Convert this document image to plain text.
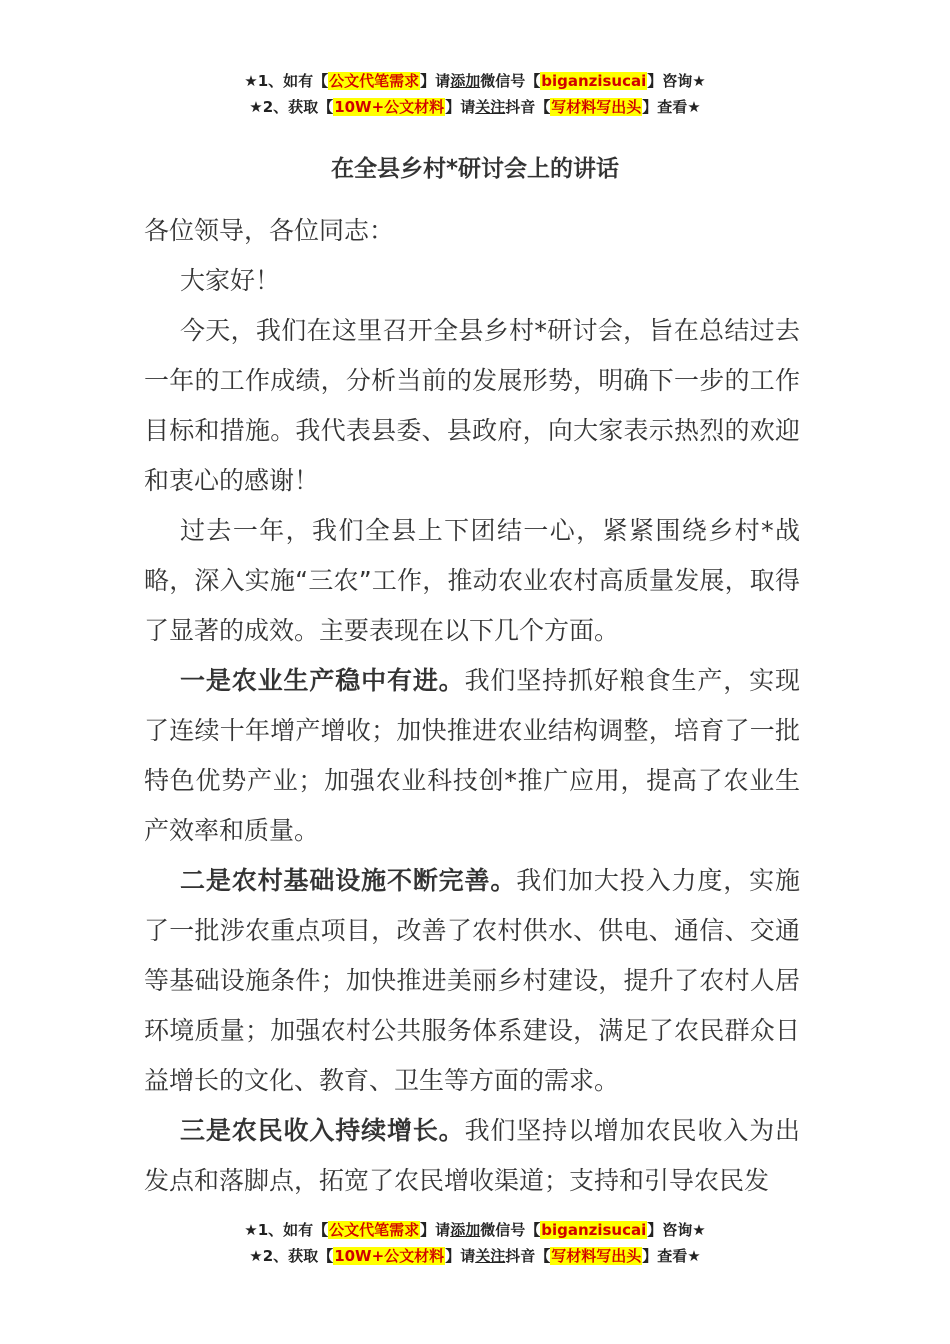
★1、如有【公文代笔需求】请添加微信号【biganzisucai】咨询★
★2、获取【10W+公文材料】请关注抖音【写材料写出头】查看★
在全县乡村*研讨会上的讲话

各位领导，各位同志：

大家好！

今天，我们在这里召开全县乡村*研讨会，旨在总结过去一年的工作成绩，分析当前的发展形势，明确下一步的工作目标和措施。我代表县委、县政府，向大家表示热烈的欢迎和衷心的感谢！

过去一年，我们全县上下团结一心，紧紧围绕乡村*战略，深入实施“三农”工作，推动农业农村高质量发展，取得了显著的成效。主要表现在以下几个方面。

一是农业生产稳中有进。我们坚持抓好粮食生产，实现了连续十年增产增收；加快推进农业结构调整，培育了一批特色优势产业；加强农业科技创*推广应用，提高了农业生产效率和质量。

二是农村基础设施不断完善。我们加大投入力度，实施了一批涉农重点项目，改善了农村供水、供电、通信、交通等基础设施条件；加快推进美丽乡村建设，提升了农村人居环境质量；加强农村公共服务体系建设，满足了农民群众日益增长的文化、教育、卫生等方面的需求。

三是农民收入持续增长。我们坚持以增加农民收入为出发点和落脚点，拓宽了农民增收渠道；支持和引导农民发

★1、如有【公文代笔需求】请添加微信号【biganzisucai】咨询★
★2、获取【10W+公文材料】请关注抖音【写材料写出头】查看★
